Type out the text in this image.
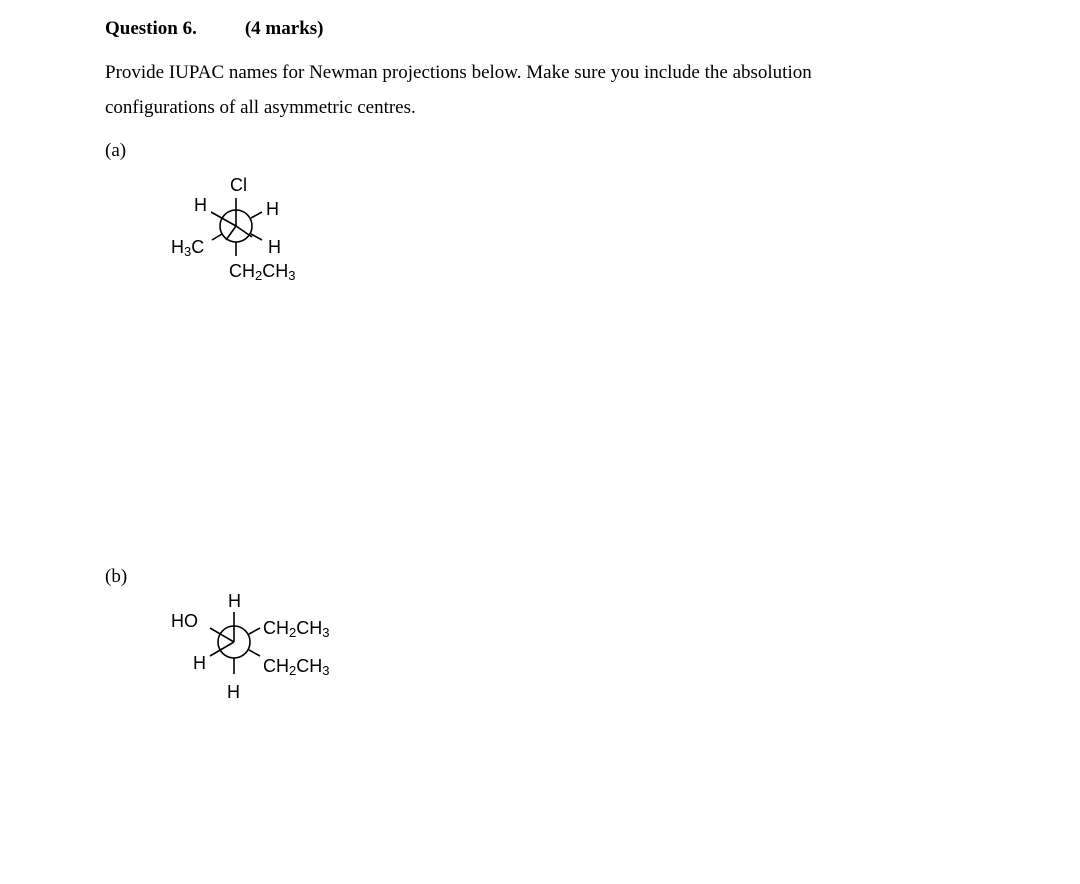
Question 6.	(4 marks)
Provide IUPAC names for Newman projections below. Make sure you include the absolution
configurations of all asymmetric centres.
(a)
Cl
H
$H_3C$
H
H
$CH_2CH_3$
(b)
H
HO
H
H
$CH_2CH_3$
$CH_2CH_3$
